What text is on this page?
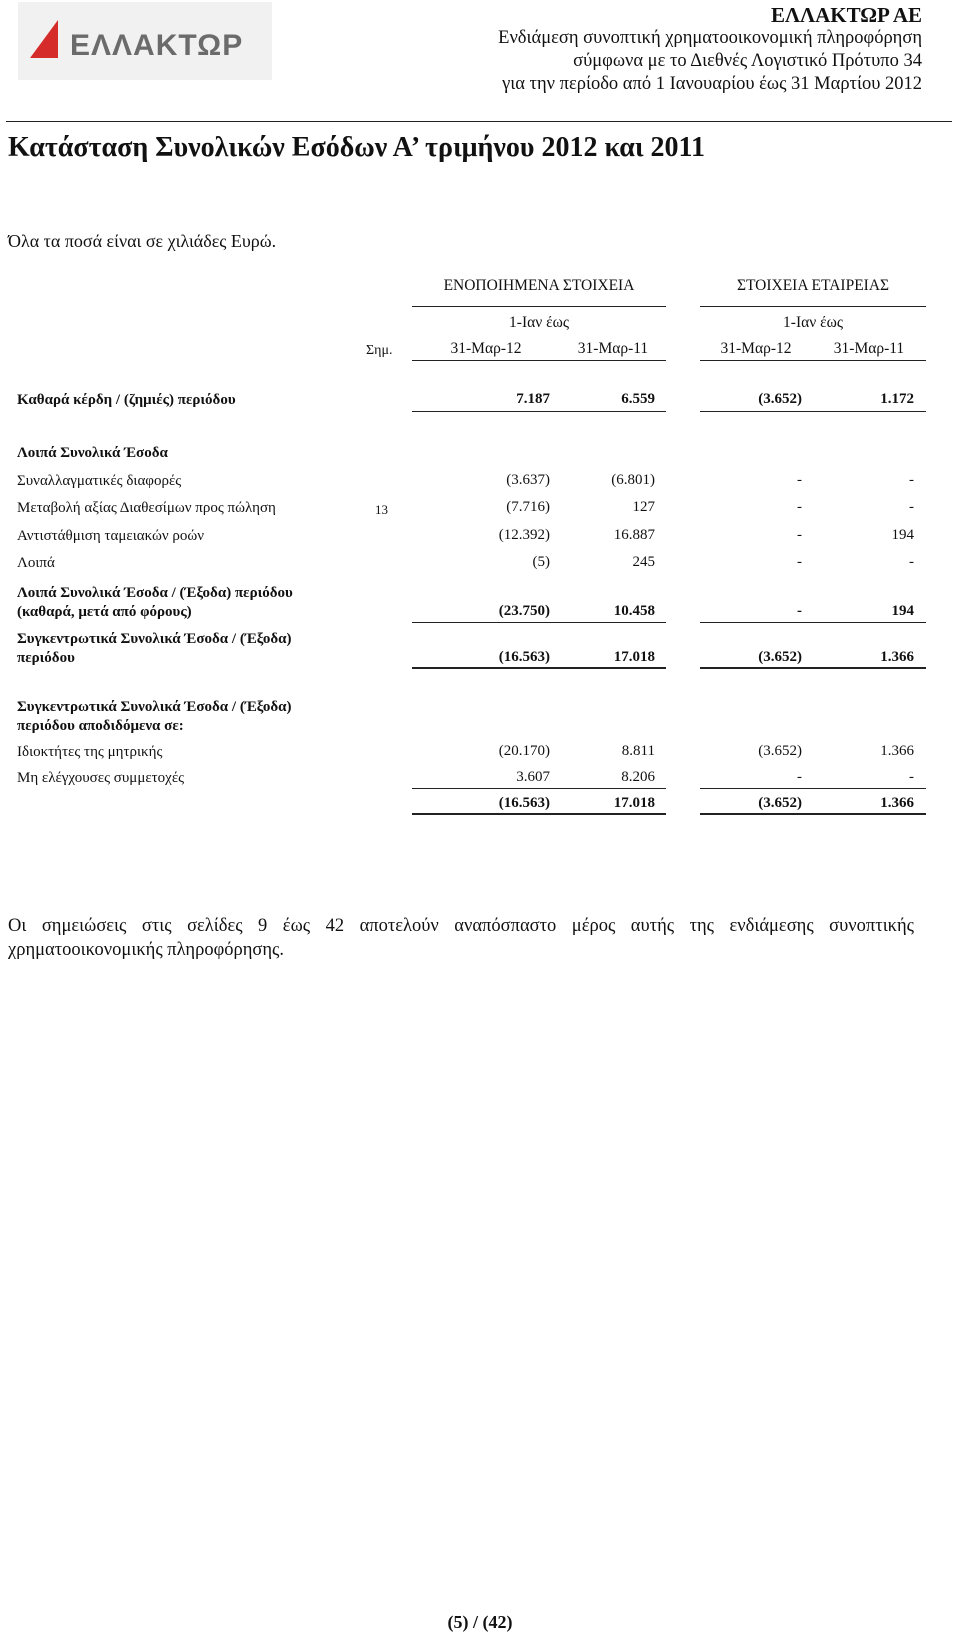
ΕΛΛΑΚΤΩΡ
ΕΛΛΑΚΤΩΡ ΑΕ
Ενδιάμεση συνοπτική χρηματοοικονομική πληροφόρηση
σύμφωνα με το Διεθνές Λογιστικό Πρότυπο 34
για την περίοδο από 1 Ιανουαρίου έως 31 Μαρτίου 2012
Κατάσταση Συνολικών Εσόδων Α’ τριμήνου 2012 και 2011
Όλα τα ποσά είναι σε χιλιάδες Ευρώ.
ΕΝΟΠΟΙΗΜΕΝΑ ΣΤΟΙΧΕΙΑ	ΣΤΟΙΧΕΙΑ ΕΤΑΙΡΕΙΑΣ
1-Ιαν έως	1-Ιαν έως
Σημ.	31-Μαρ-12	31-Μαρ-11	31-Μαρ-12	31-Μαρ-11
Καθαρά κέρδη / (ζημιές) περιόδου	7.187	6.559	(3.652)	1.172
Λοιπά Συνολικά Έσοδα
Συναλλαγματικές διαφορές	(3.637)	(6.801)	-	-
Μεταβολή αξίας Διαθεσίμων προς πώληση	13	(7.716)	127	-	-
Αντιστάθμιση ταμειακών ροών	(12.392)	16.887	-	194
Λοιπά	(5)	245	-	-
Λοιπά Συνολικά Έσοδα / (Έξοδα) περιόδου
(καθαρά, μετά από φόρους)	(23.750)	10.458	-	194
Συγκεντρωτικά Συνολικά Έσοδα / (Έξοδα)
περιόδου	(16.563)	17.018	(3.652)	1.366
Συγκεντρωτικά Συνολικά Έσοδα / (Έξοδα)
περιόδου αποδιδόμενα σε:
Ιδιοκτήτες της μητρικής	(20.170)	8.811	(3.652)	1.366
Μη ελέγχουσες συμμετοχές	3.607	8.206	-	-
(16.563)	17.018	(3.652)	1.366
Οι σημειώσεις στις σελίδες 9 έως 42 αποτελούν αναπόσπαστο μέρος αυτής της ενδιάμεσης συνοπτικής χρηματοοικονομικής πληροφόρησης.
(5) / (42)
